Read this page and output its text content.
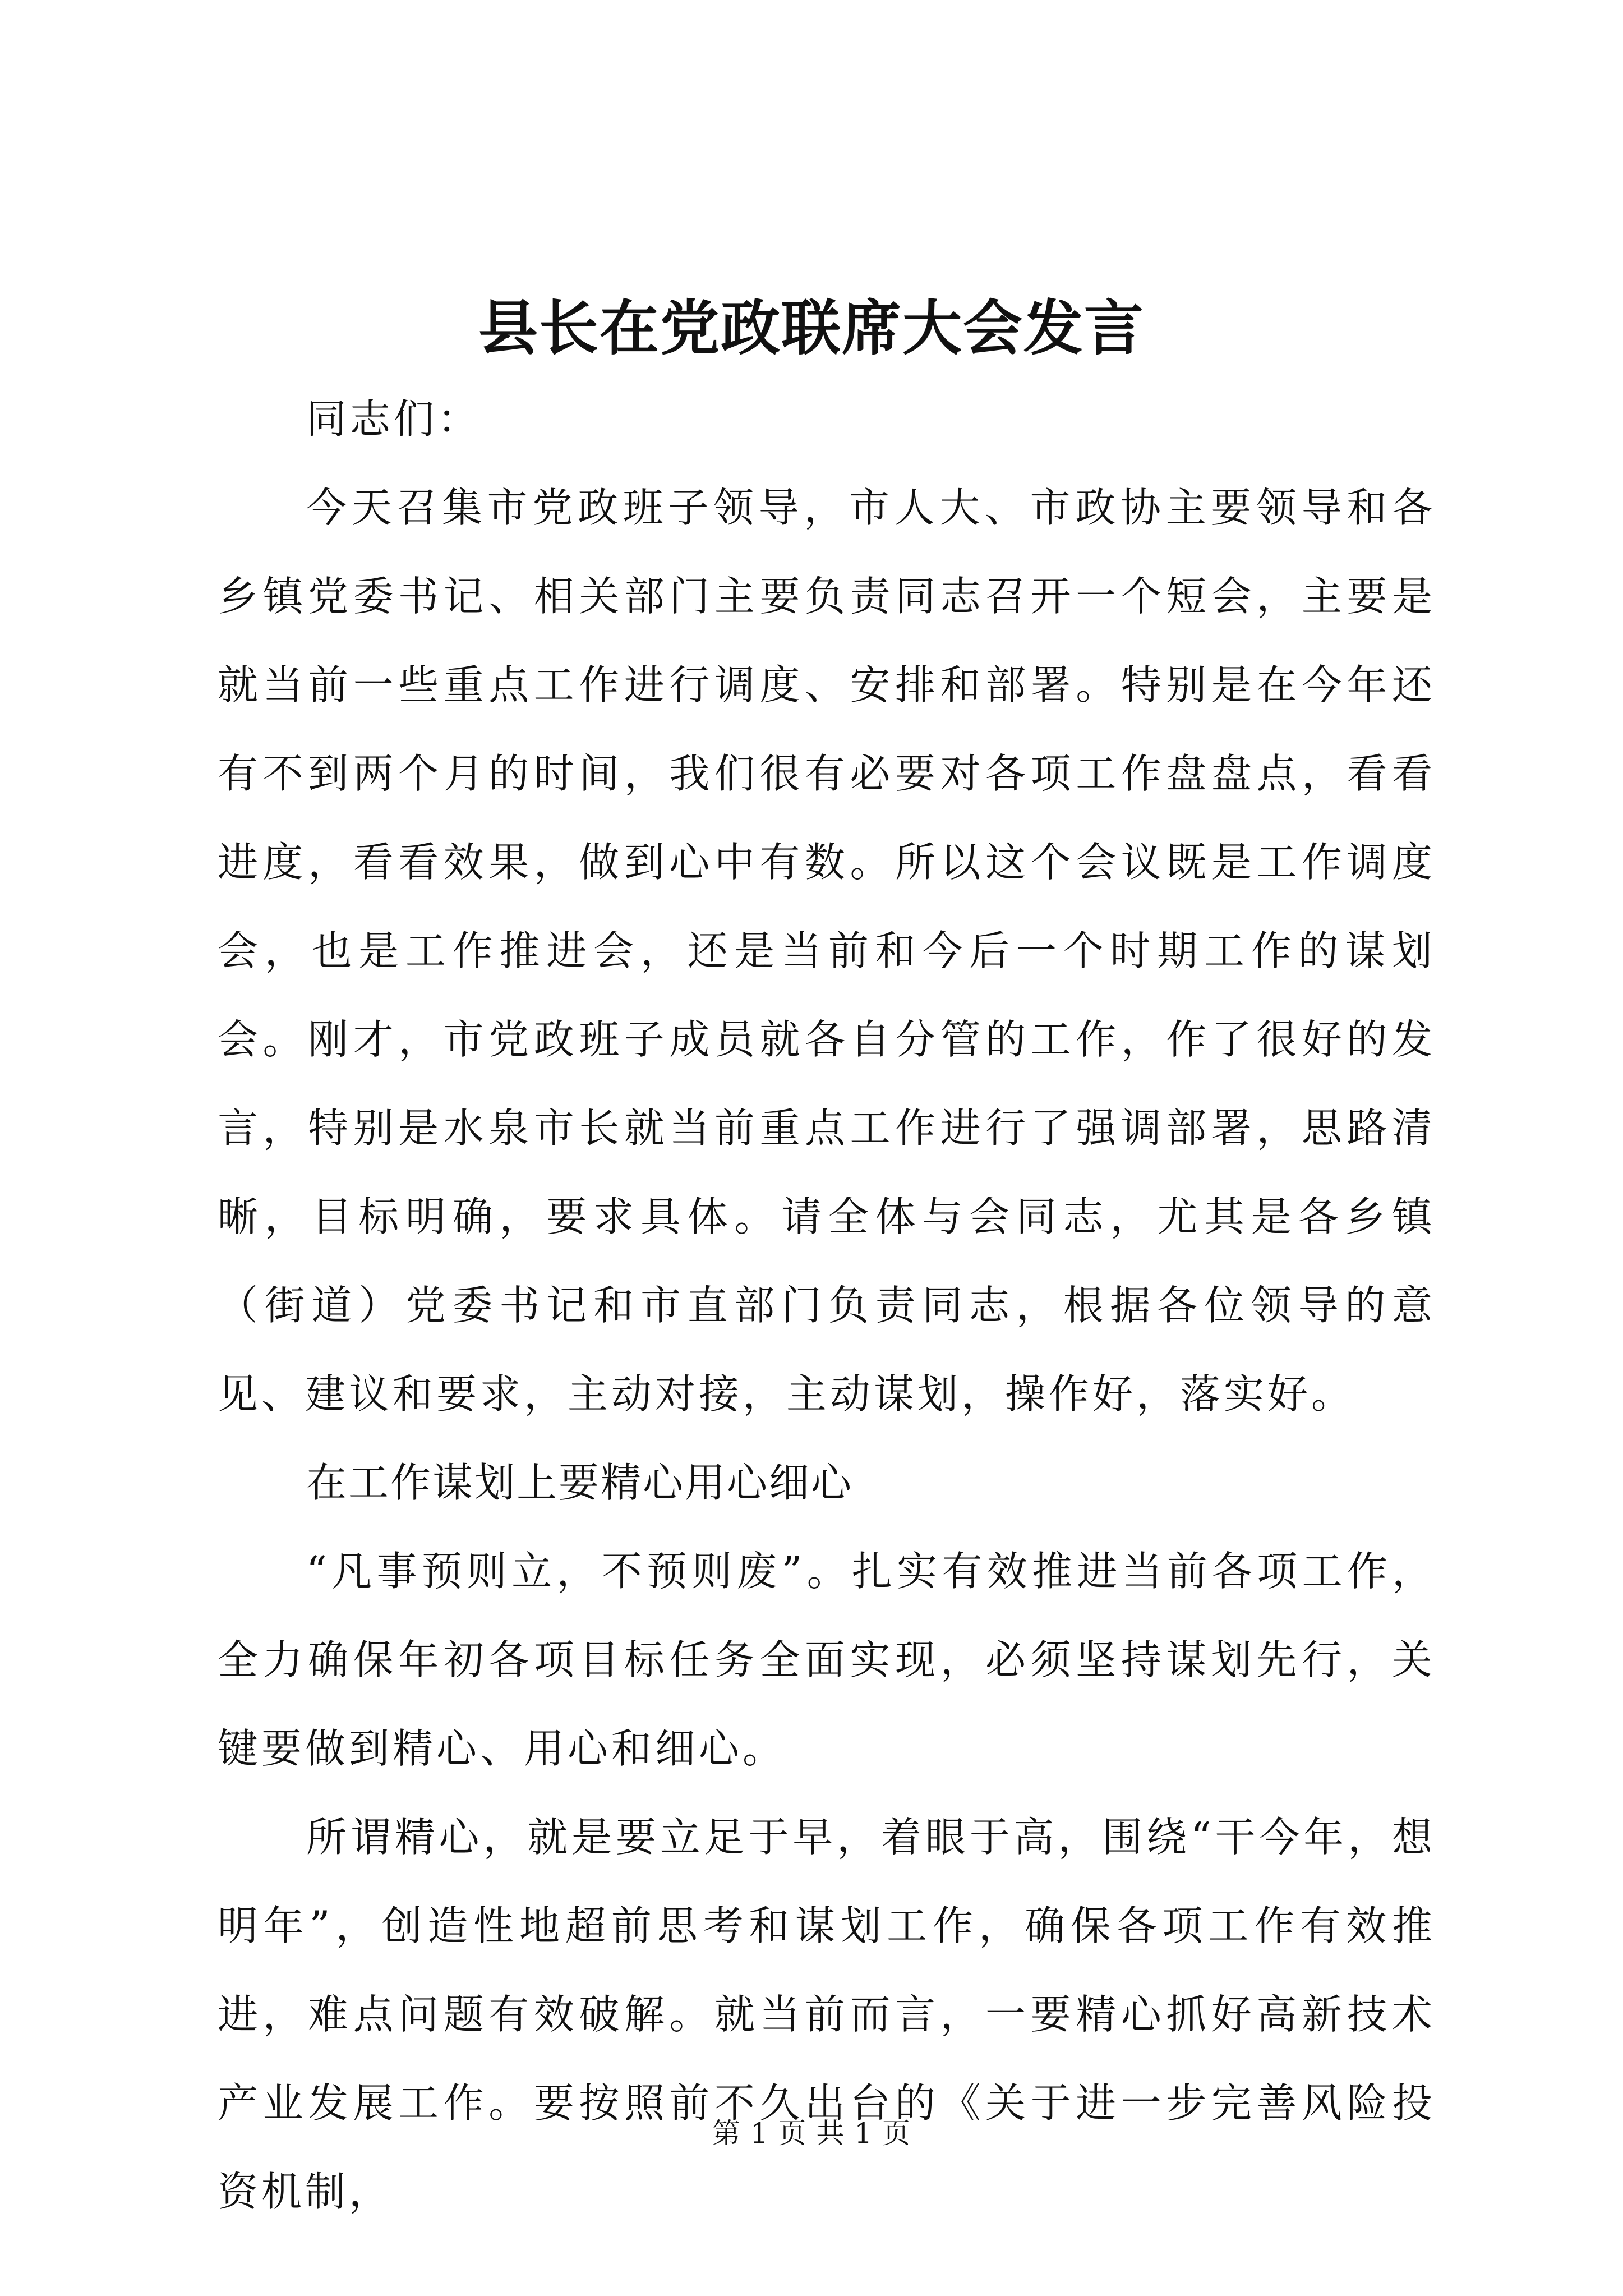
县长在党政联席大会发言

同志们：

今天召集市党政班子领导，市人大、市政协主要领导和各乡镇党委书记、相关部门主要负责同志召开一个短会，主要是就当前一些重点工作进行调度、安排和部署。特别是在今年还有不到两个月的时间，我们很有必要对各项工作盘盘点，看看进度，看看效果，做到心中有数。所以这个会议既是工作调度会，也是工作推进会，还是当前和今后一个时期工作的谋划会。刚才，市党政班子成员就各自分管的工作，作了很好的发言，特别是水泉市长就当前重点工作进行了强调部署，思路清晰，目标明确，要求具体。请全体与会同志，尤其是各乡镇（街道）党委书记和市直部门负责同志，根据各位领导的意见、建议和要求，主动对接，主动谋划，操作好，落实好。

在工作谋划上要精心用心细心

“凡事预则立，不预则废”。扎实有效推进当前各项工作，全力确保年初各项目标任务全面实现，必须坚持谋划先行，关键要做到精心、用心和细心。

所谓精心，就是要立足于早，着眼于高，围绕“干今年，想明年”，创造性地超前思考和谋划工作，确保各项工作有效推进，难点问题有效破解。就当前而言，一要精心抓好高新技术产业发展工作。要按照前不久出台的《关于进一步完善风险投资机制，

第 1 页 共 1 页
